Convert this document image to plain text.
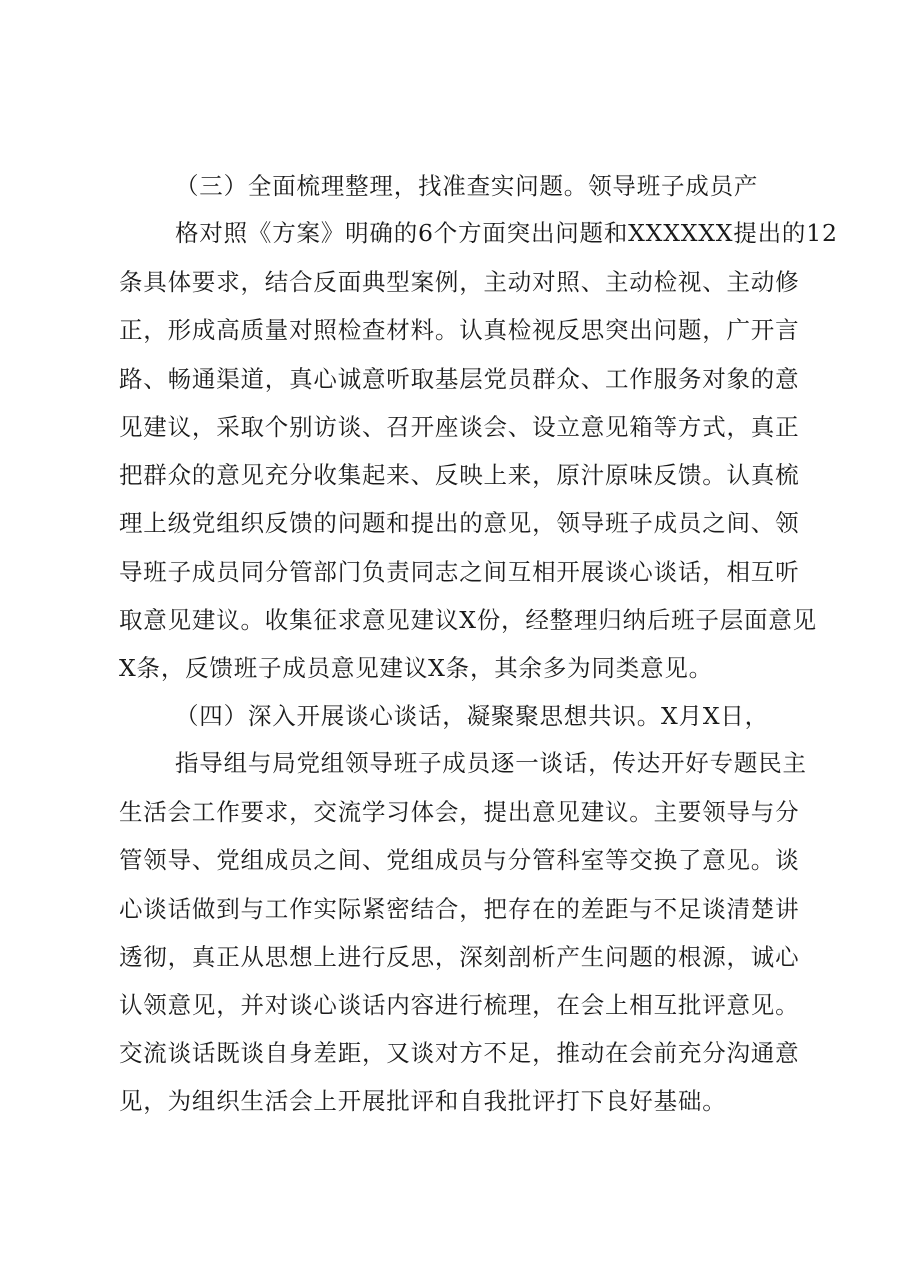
（三）全面梳理整理，找准查实问题。领导班子成员产
格对照《方案》明确的6个方面突出问题和XXXXXX提出的12
条具体要求，结合反面典型案例，主动对照、主动检视、主动修
正，形成高质量对照检查材料。认真检视反思突出问题，广开言
路、畅通渠道，真心诚意听取基层党员群众、工作服务对象的意
见建议，采取个别访谈、召开座谈会、设立意见箱等方式，真正
把群众的意见充分收集起来、反映上来，原汁原味反馈。认真梳
理上级党组织反馈的问题和提出的意见，领导班子成员之间、领
导班子成员同分管部门负责同志之间互相开展谈心谈话，相互听
取意见建议。收集征求意见建议X份，经整理归纳后班子层面意见
X条，反馈班子成员意见建议X条，其余多为同类意见。
（四）深入开展谈心谈话，凝聚聚思想共识。X月X日，
指导组与局党组领导班子成员逐一谈话，传达开好专题民主
生活会工作要求，交流学习体会，提出意见建议。主要领导与分
管领导、党组成员之间、党组成员与分管科室等交换了意见。谈
心谈话做到与工作实际紧密结合，把存在的差距与不足谈清楚讲
透彻，真正从思想上进行反思，深刻剖析产生问题的根源，诚心
认领意见，并对谈心谈话内容进行梳理，在会上相互批评意见。
交流谈话既谈自身差距，又谈对方不足，推动在会前充分沟通意
见，为组织生活会上开展批评和自我批评打下良好基础。
